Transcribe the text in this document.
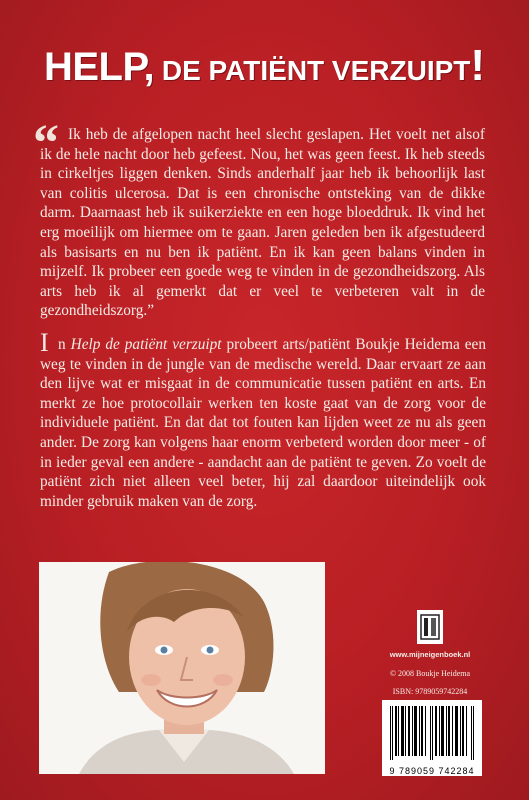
HELP, DE PATIËNT VERZUIPT!
“ Ik heb de afgelopen nacht heel slecht geslapen. Het voelt net alsof ik de hele nacht door heb gefeest. Nou, het was geen feest. Ik heb steeds in cirkeltjes liggen denken. Sinds anderhalf jaar heb ik behoorlijk last van colitis ulcerosa. Dat is een chronische ontsteking van de dikke darm. Daarnaast heb ik suikerziekte en een hoge bloeddruk. Ik vind het erg moeilijk om hiermee om te gaan. Jaren geleden ben ik afgestudeerd als basisarts en nu ben ik patiënt. En ik kan geen balans vinden in mijzelf. Ik probeer een goede weg te vinden in de gezondheidszorg. Als arts heb ik al gemerkt dat er veel te verbeteren valt in de gezondheidszorg.”

I n Help de patiënt verzuipt probeert arts/patiënt Boukje Heidema een weg te vinden in de jungle van de medische wereld. Daar ervaart ze aan den lijve wat er misgaat in de communicatie tussen patiënt en arts. En merkt ze hoe protocollair werken ten koste gaat van de zorg voor de individuele patiënt. En dat dat tot fouten kan lijden weet ze nu als geen ander. De zorg kan volgens haar enorm verbeterd worden door meer - of in ieder geval een andere - aandacht aan de patiënt te geven. Zo voelt de patiënt zich niet alleen veel beter, hij zal daardoor uiteindelijk ook minder gebruik maken van de zorg.

www.mijneigenboek.nl
© 2008 Boukje Heidema
ISBN: 9789059742284
9 789059 742284
